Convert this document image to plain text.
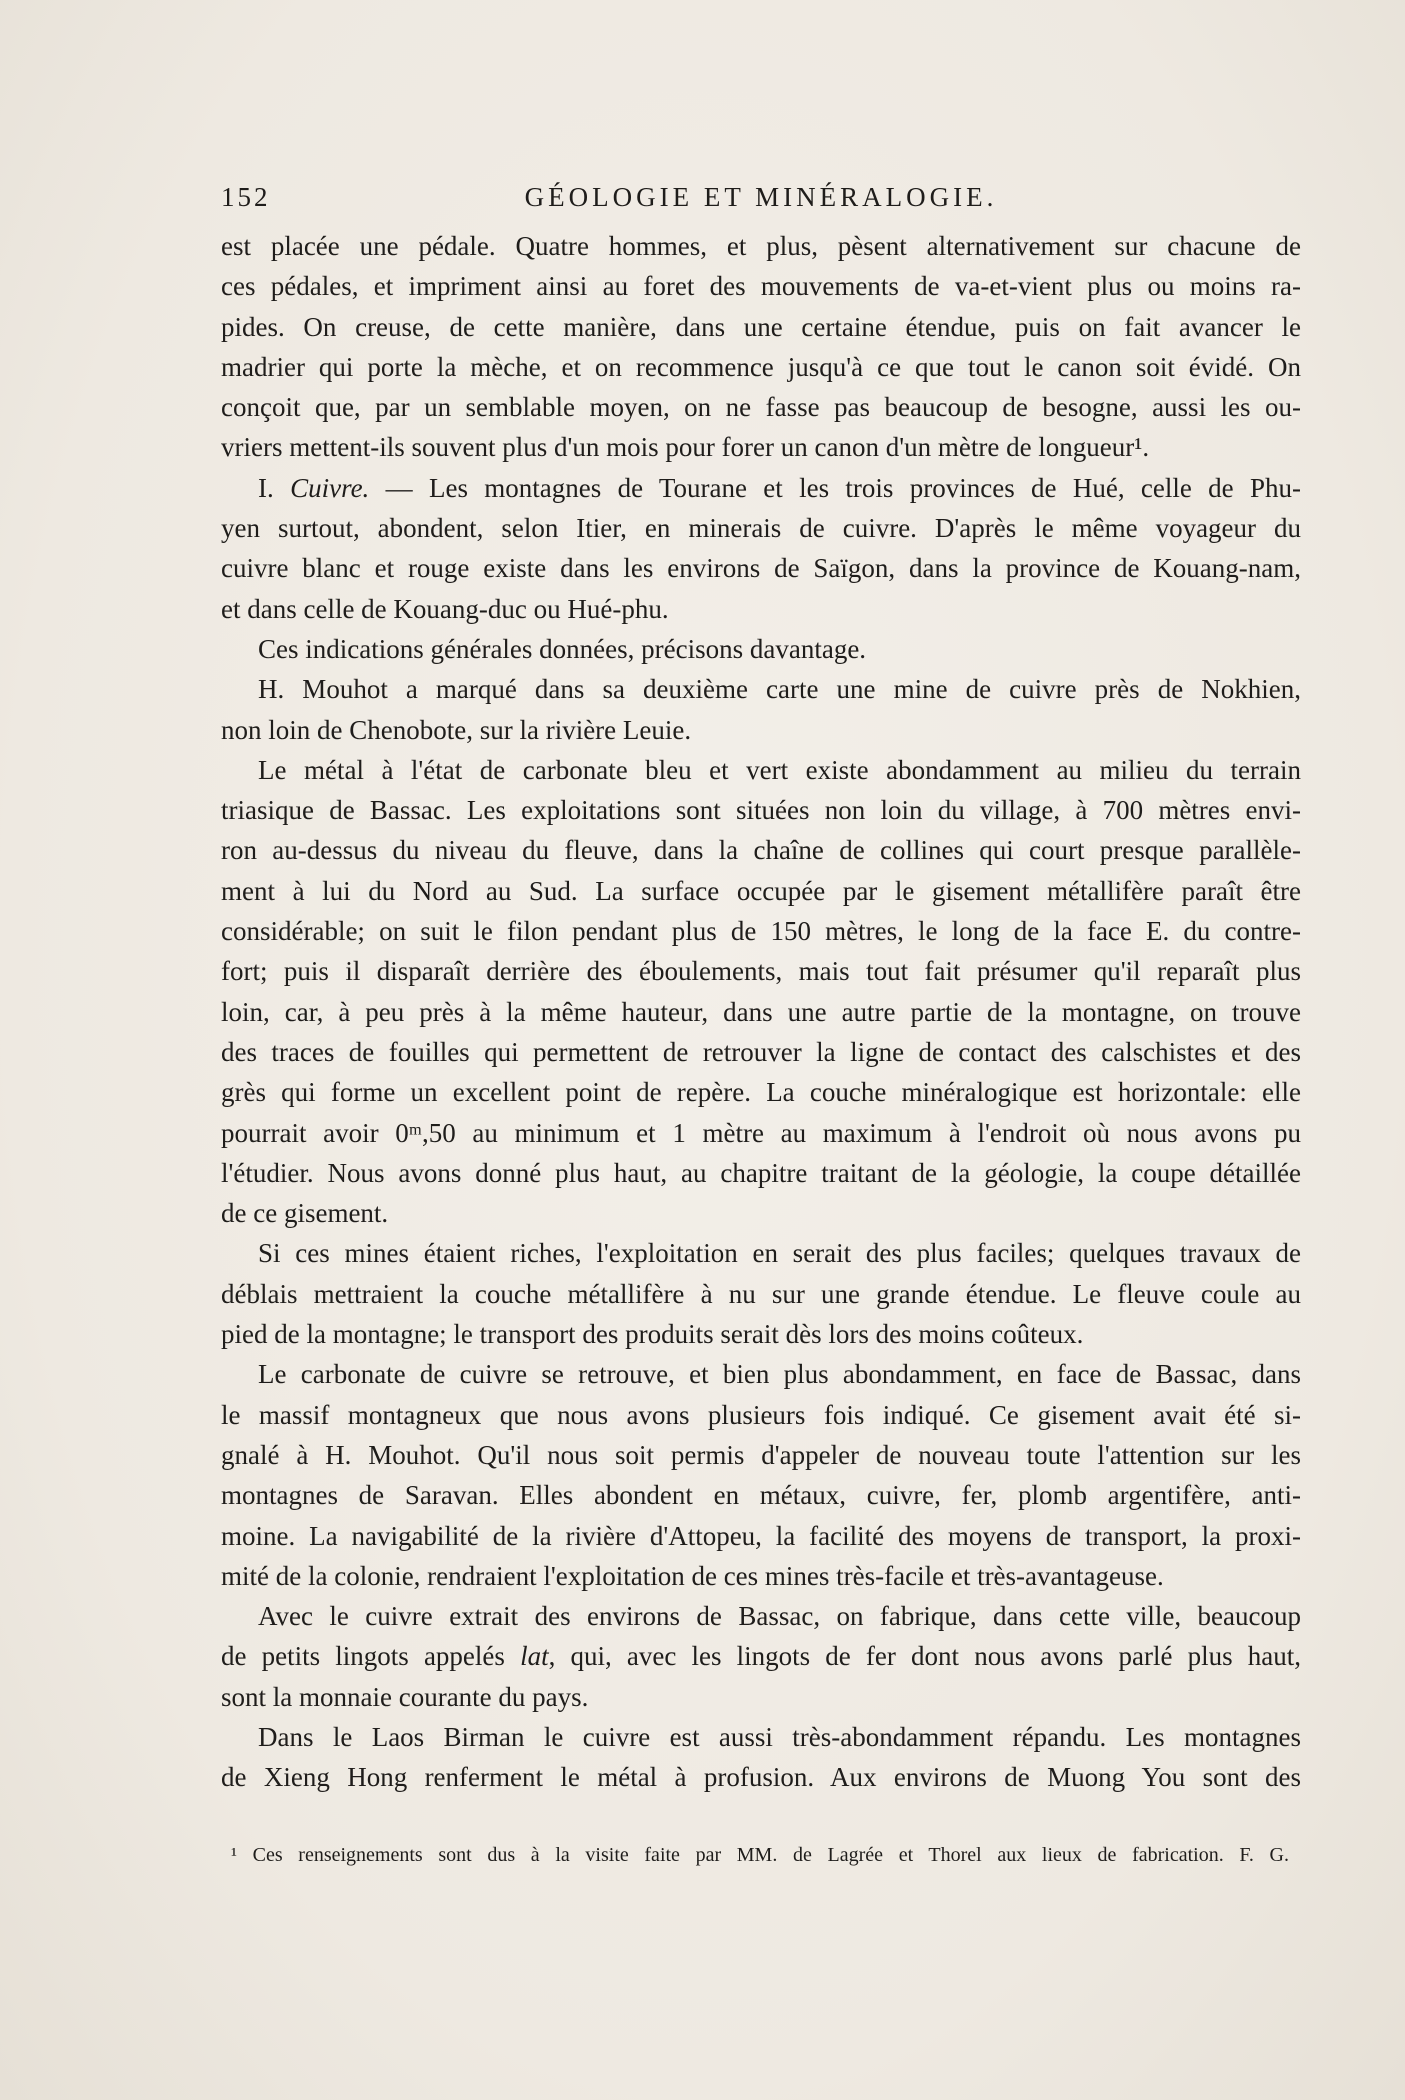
152	GÉOLOGIE ET MINÉRALOGIE.
est placée une pédale. Quatre hommes, et plus, pèsent alternativement sur chacune de
ces pédales, et impriment ainsi au foret des mouvements de va-et-vient plus ou moins ra-
pides. On creuse, de cette manière, dans une certaine étendue, puis on fait avancer le
madrier qui porte la mèche, et on recommence jusqu'à ce que tout le canon soit évidé. On
conçoit que, par un semblable moyen, on ne fasse pas beaucoup de besogne, aussi les ou-
vriers mettent-ils souvent plus d'un mois pour forer un canon d'un mètre de longueur¹.
I. Cuivre. — Les montagnes de Tourane et les trois provinces de Hué, celle de Phu-
yen surtout, abondent, selon Itier, en minerais de cuivre. D'après le même voyageur du
cuivre blanc et rouge existe dans les environs de Saïgon, dans la province de Kouang-nam,
et dans celle de Kouang-duc ou Hué-phu.
Ces indications générales données, précisons davantage.
H. Mouhot a marqué dans sa deuxième carte une mine de cuivre près de Nokhien,
non loin de Chenobote, sur la rivière Leuie.
Le métal à l'état de carbonate bleu et vert existe abondamment au milieu du terrain
triasique de Bassac. Les exploitations sont situées non loin du village, à 700 mètres envi-
ron au-dessus du niveau du fleuve, dans la chaîne de collines qui court presque parallèle-
ment à lui du Nord au Sud. La surface occupée par le gisement métallifère paraît être
considérable; on suit le filon pendant plus de 150 mètres, le long de la face E. du contre-
fort; puis il disparaît derrière des éboulements, mais tout fait présumer qu'il reparaît plus
loin, car, à peu près à la même hauteur, dans une autre partie de la montagne, on trouve
des traces de fouilles qui permettent de retrouver la ligne de contact des calschistes et des
grès qui forme un excellent point de repère. La couche minéralogique est horizontale: elle
pourrait avoir 0ᵐ,50 au minimum et 1 mètre au maximum à l'endroit où nous avons pu
l'étudier. Nous avons donné plus haut, au chapitre traitant de la géologie, la coupe détaillée
de ce gisement.
Si ces mines étaient riches, l'exploitation en serait des plus faciles; quelques travaux de
déblais mettraient la couche métallifère à nu sur une grande étendue. Le fleuve coule au
pied de la montagne; le transport des produits serait dès lors des moins coûteux.
Le carbonate de cuivre se retrouve, et bien plus abondamment, en face de Bassac, dans
le massif montagneux que nous avons plusieurs fois indiqué. Ce gisement avait été si-
gnalé à H. Mouhot. Qu'il nous soit permis d'appeler de nouveau toute l'attention sur les
montagnes de Saravan. Elles abondent en métaux, cuivre, fer, plomb argentifère, anti-
moine. La navigabilité de la rivière d'Attopeu, la facilité des moyens de transport, la proxi-
mité de la colonie, rendraient l'exploitation de ces mines très-facile et très-avantageuse.
Avec le cuivre extrait des environs de Bassac, on fabrique, dans cette ville, beaucoup
de petits lingots appelés lat, qui, avec les lingots de fer dont nous avons parlé plus haut,
sont la monnaie courante du pays.
Dans le Laos Birman le cuivre est aussi très-abondamment répandu. Les montagnes
de Xieng Hong renferment le métal à profusion. Aux environs de Muong You sont des
¹ Ces renseignements sont dus à la visite faite par MM. de Lagrée et Thorel aux lieux de fabrication. F. G.
